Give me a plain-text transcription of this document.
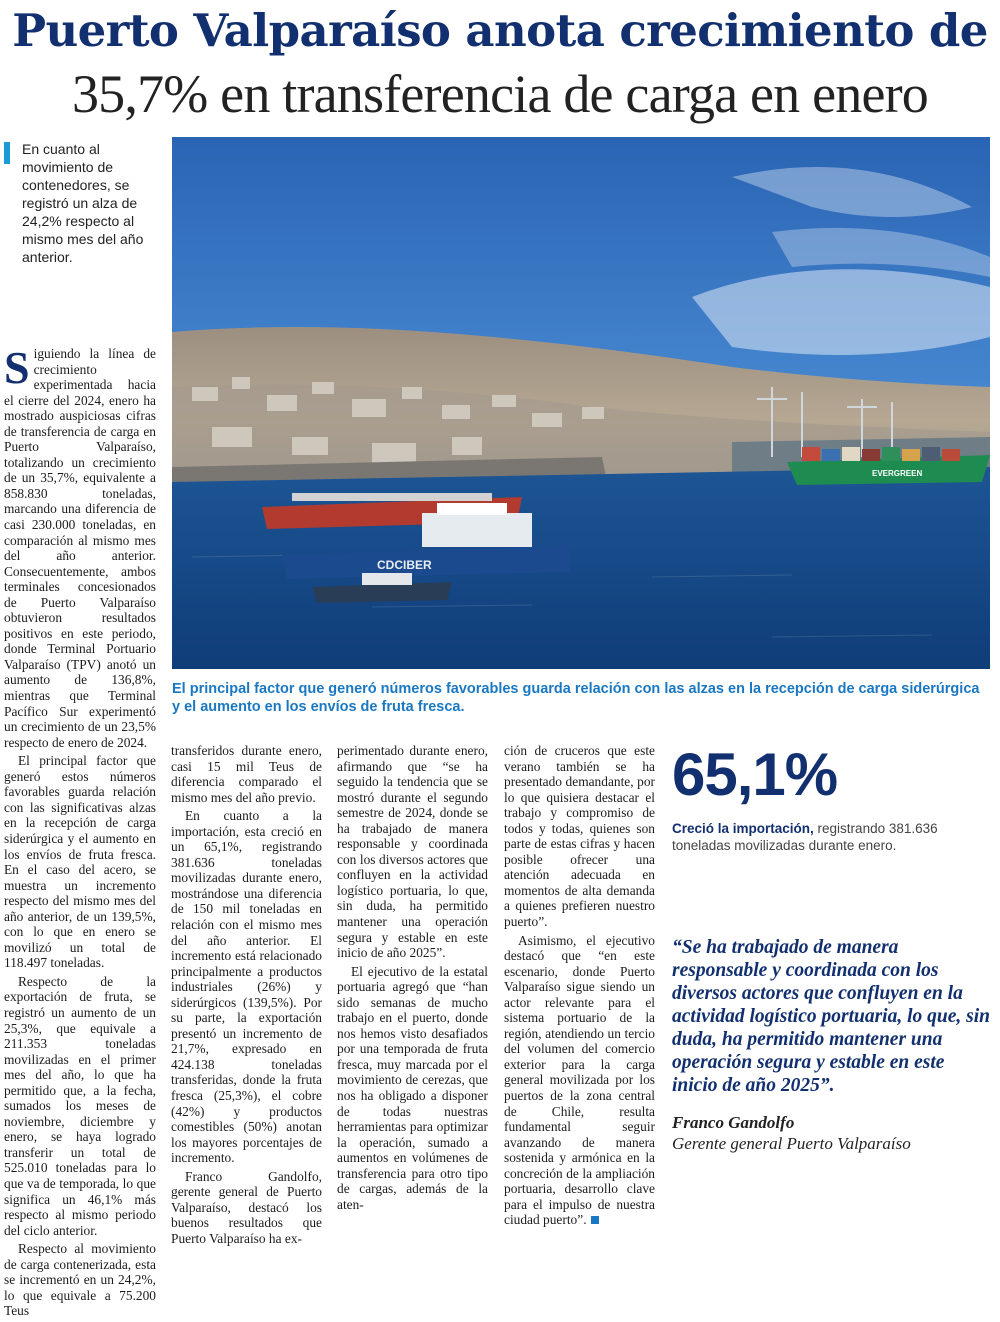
Puerto Valparaíso anota crecimiento de
35,7% en transferencia de carga en enero

En cuanto al movimiento de contenedores, se registró un alza de 24,2% respecto al mismo mes del año anterior.

EVERGREEN
CDCIBER
El principal factor que generó números favorables guarda relación con las alzas en la recepción de carga siderúrgica y el aumento en los envíos de fruta fresca.

Siguiendo la línea de crecimiento experimentada hacia el cierre del 2024, enero ha mostrado auspiciosas cifras de transferencia de carga en Puerto Valparaíso, totalizando un crecimiento de un 35,7%, equivalente a 858.830 toneladas, marcando una diferencia de casi 230.000 toneladas, en comparación al mismo mes del año anterior. Consecuentemente, ambos terminales concesionados de Puerto Valparaíso obtuvieron resultados positivos en este periodo, donde Terminal Portuario Valparaíso (TPV) anotó un aumento de 136,8%, mientras que Terminal Pacífico Sur experimentó un crecimiento de un 23,5% respecto de enero de 2024.

El principal factor que generó estos números favorables guarda relación con las significativas alzas en la recepción de carga siderúrgica y el aumento en los envíos de fruta fresca. En el caso del acero, se muestra un incremento respecto del mismo mes del año anterior, de un 139,5%, con lo que en enero se movilizó un total de 118.497 toneladas.

Respecto de la exportación de fruta, se registró un aumento de un 25,3%, que equivale a 211.353 toneladas movilizadas en el primer mes del año, lo que ha permitido que, a la fecha, sumados los meses de noviembre, diciembre y enero, se haya logrado transferir un total de 525.010 toneladas para lo que va de temporada, lo que significa un 46,1% más respecto al mismo periodo del ciclo anterior.

Respecto al movimiento de carga contenerizada, esta se incrementó en un 24,2%, lo que equivale a 75.200 Teus

transferidos durante enero, casi 15 mil Teus de diferencia comparado el mismo mes del año previo.

En cuanto a la importación, esta creció en un 65,1%, registrando 381.636 toneladas movilizadas durante enero, mostrándose una diferencia de 150 mil toneladas en relación con el mismo mes del año anterior. El incremento está relacionado principalmente a productos industriales (26%) y siderúrgicos (139,5%). Por su parte, la exportación presentó un incremento de 21,7%, expresado en 424.138 toneladas transferidas, donde la fruta fresca (25,3%), el cobre (42%) y productos comestibles (50%) anotan los mayores porcentajes de incremento.

Franco Gandolfo, gerente general de Puerto Valparaíso, destacó los buenos resultados que Puerto Valparaíso ha ex-

perimentado durante enero, afirmando que “se ha seguido la tendencia que se mostró durante el segundo semestre de 2024, donde se ha trabajado de manera responsable y coordinada con los diversos actores que confluyen en la actividad logístico portuaria, lo que, sin duda, ha permitido mantener una operación segura y estable en este inicio de año 2025”.

El ejecutivo de la estatal portuaria agregó que “han sido semanas de mucho trabajo en el puerto, donde nos hemos visto desafiados por una temporada de fruta fresca, muy marcada por el movimiento de cerezas, que nos ha obligado a disponer de todas nuestras herramientas para optimizar la operación, sumado a aumentos en volúmenes de transferencia para otro tipo de cargas, además de la aten-

ción de cruceros que este verano también se ha presentado demandante, por lo que quisiera destacar el trabajo y compromiso de todos y todas, quienes son parte de estas cifras y hacen posible ofrecer una atención adecuada en momentos de alta demanda a quienes prefieren nuestro puerto”.

Asimismo, el ejecutivo destacó que “en este escenario, donde Puerto Valparaíso sigue siendo un actor relevante para el sistema portuario de la región, atendiendo un tercio del volumen del comercio exterior para la carga general movilizada por los puertos de la zona central de Chile, resulta fundamental seguir avanzando de manera sostenida y armónica en la concreción de la ampliación portuaria, desarrollo clave para el impulso de nuestra ciudad puerto”.

65,1%
Creció la importación, registrando 381.636 toneladas movilizadas durante enero.
“Se ha trabajado de manera responsable y coordinada con los diversos actores que confluyen en la actividad logístico portuaria, lo que, sin duda, ha permitido mantener una operación segura y estable en este inicio de año 2025”.
Franco Gandolfo
Gerente general Puerto Valparaíso
